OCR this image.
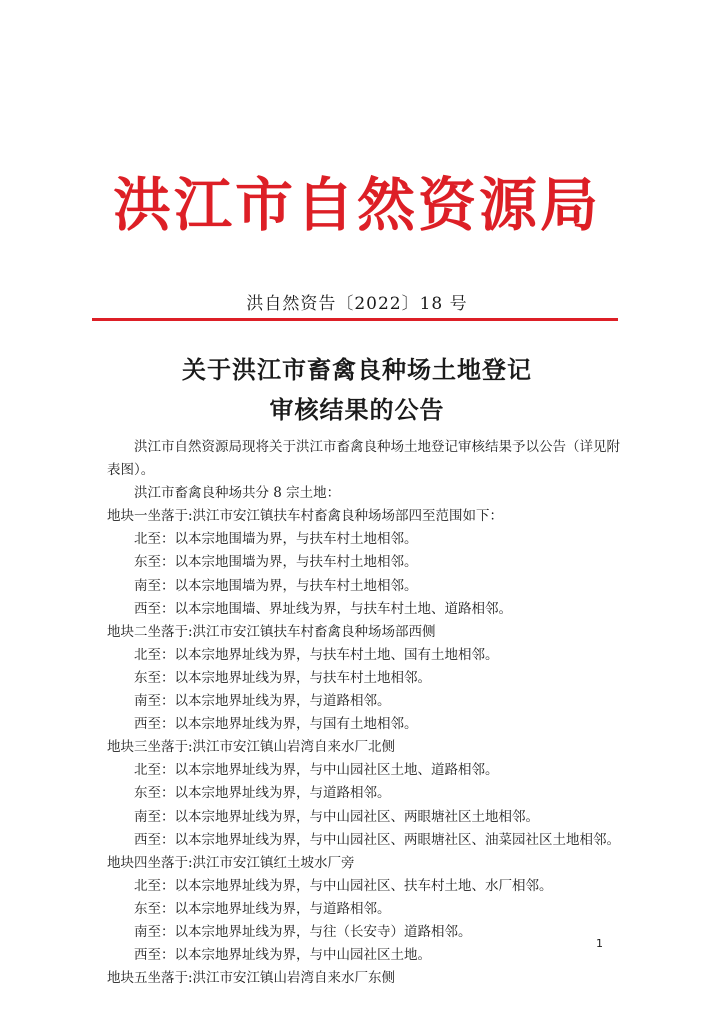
洪江市自然资源局
洪自然资告〔2022〕18 号
关于洪江市畜禽良种场土地登记
审核结果的公告

洪江市自然资源局现将关于洪江市畜禽良种场土地登记审核结果予以公告（详见附表图）。

洪江市畜禽良种场共分 8 宗土地：

地块一坐落于:洪江市安江镇扶车村畜禽良种场场部四至范围如下：

北至：以本宗地围墙为界，与扶车村土地相邻。

东至：以本宗地围墙为界，与扶车村土地相邻。

南至：以本宗地围墙为界，与扶车村土地相邻。

西至：以本宗地围墙、界址线为界，与扶车村土地、道路相邻。

地块二坐落于:洪江市安江镇扶车村畜禽良种场场部西侧

北至：以本宗地界址线为界，与扶车村土地、国有土地相邻。

东至：以本宗地界址线为界，与扶车村土地相邻。

南至：以本宗地界址线为界，与道路相邻。

西至：以本宗地界址线为界，与国有土地相邻。

地块三坐落于:洪江市安江镇山岩湾自来水厂北侧

北至：以本宗地界址线为界，与中山园社区土地、道路相邻。

东至：以本宗地界址线为界，与道路相邻。

南至：以本宗地界址线为界，与中山园社区、两眼塘社区土地相邻。

西至：以本宗地界址线为界，与中山园社区、两眼塘社区、油菜园社区土地相邻。

地块四坐落于:洪江市安江镇红土坡水厂旁

北至：以本宗地界址线为界，与中山园社区、扶车村土地、水厂相邻。

东至：以本宗地界址线为界，与道路相邻。

南至：以本宗地界址线为界，与往（长安寺）道路相邻。

西至：以本宗地界址线为界，与中山园社区土地。

地块五坐落于:洪江市安江镇山岩湾自来水厂东侧

1
